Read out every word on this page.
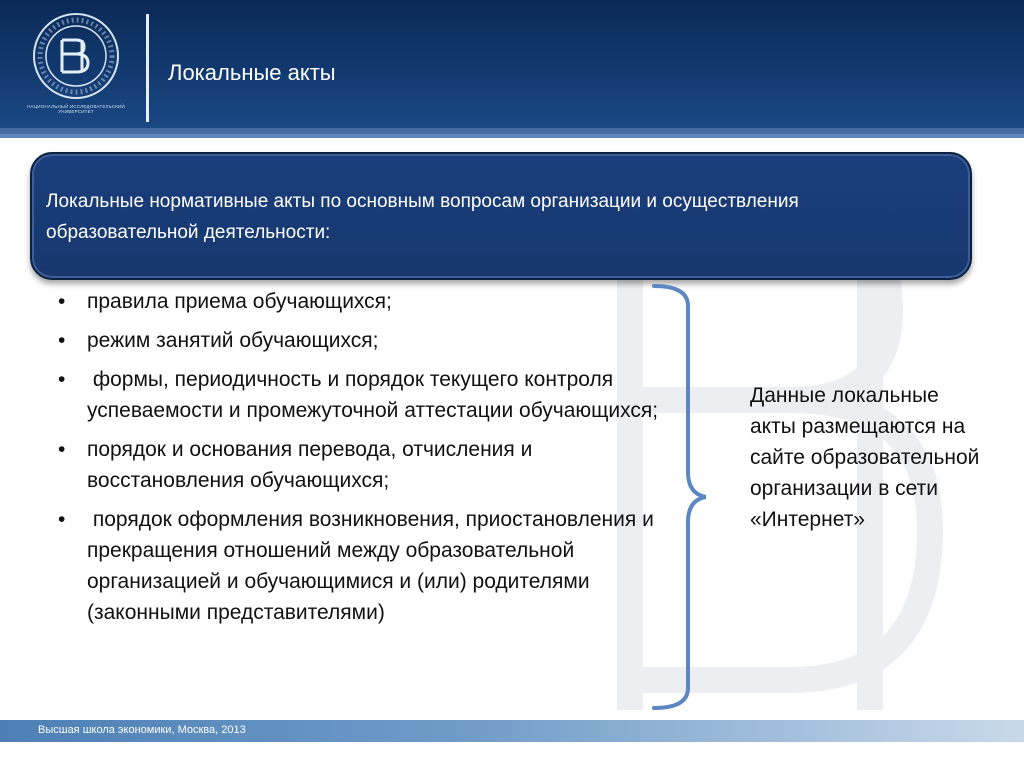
НАЦИОНАЛЬНЫЙ ИССЛЕДОВАТЕЛЬСКИЙ УНИВЕРСИТЕТ
Локальные акты
Локальные нормативные акты по основным вопросам организации и осуществления образовательной деятельности:
• правила приема обучающихся;
• режим занятий обучающихся;
• формы, периодичность и порядок текущего контроля успеваемости и промежуточной аттестации обучающихся;
• порядок и основания перевода, отчисления и восстановления обучающихся;
• порядок оформления возникновения, приостановления и прекращения отношений между образовательной организацией и обучающимися и (или) родителями (законными представителями)
Данные локальные акты размещаются на сайте образовательной организации в сети «Интернет»
Высшая школа экономики, Москва, 2013
